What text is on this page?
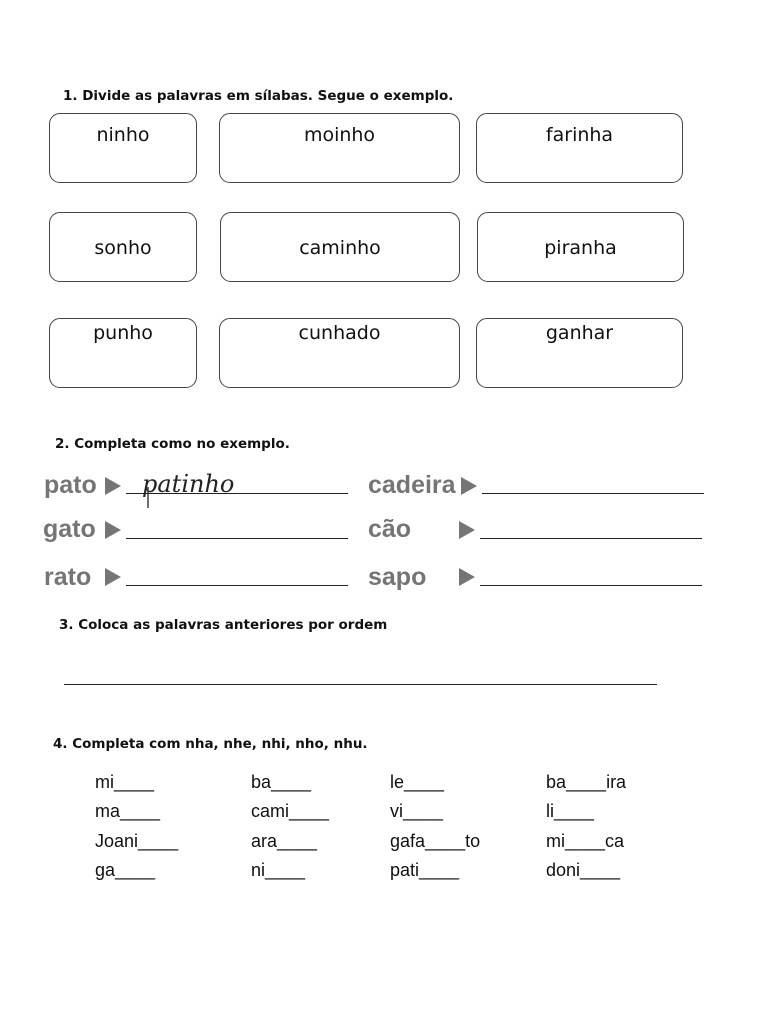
1. Divide as palavras em sílabas. Segue o exemplo.
ninho	moinho	farinha
sonho	caminho	piranha
punho	cunhado	ganhar
2. Completa como no exemplo.
pato patinho	cadeira
gato	cão
rato	sapo
3. Coloca as palavras anteriores por ordem
4. Completa com nha, nhe, nhi, nho, nhu.
mi____	ba____	le____	ba____ira
ma____	cami____	vi____	li____
Joani____	ara____	gafa____to	mi____ca
ga____	ni____	pati____	doni____
